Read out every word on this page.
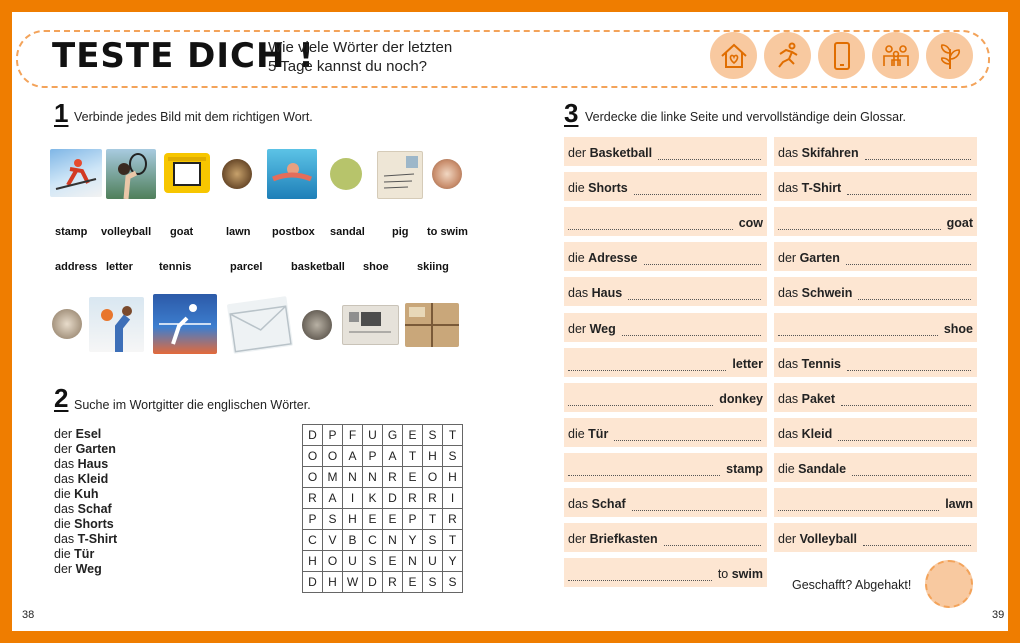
TESTE DICH !
Wie viele Wörter der letzten
5 Tage kannst du noch?
1 Verbinde jedes Bild mit dem richtigen Wort.
stamp volleyball goat	lawn postbox sandal pig to swim
address letter tennis	parcel	basketball shoe	skiing
2 Suche im Wortgitter die englischen Wörter.
der Esel
der Garten
das Haus
das Kleid
die Kuh
das Schaf
die Shorts
das T-Shirt
die Tür
der Weg
D	P	F	U	G	E	S	T
O	O	A	P	A	T	H	S
O	M	N	N	R	E	O	H
R	A	I	K	D	R	R	I
P	S	H	E	E	P	T	R
C	V	B	C	N	Y	S	T
H	O	U	S	E	N	U	Y
D	H	W	D	R	E	S	S
3 Verdecke die linke Seite und vervollständige dein Glossar.
der Basketball
die Shorts
cow
die Adresse
das Haus
der Weg
letter
donkey
die Tür
stamp
das Schaf
der Briefkasten
to swim
das Skifahren
das T-Shirt
goat
der Garten
das Schwein
shoe
das Tennis
das Paket
das Kleid
die Sandale
lawn
der Volleyball
Geschafft? Abgehakt!
38	39
